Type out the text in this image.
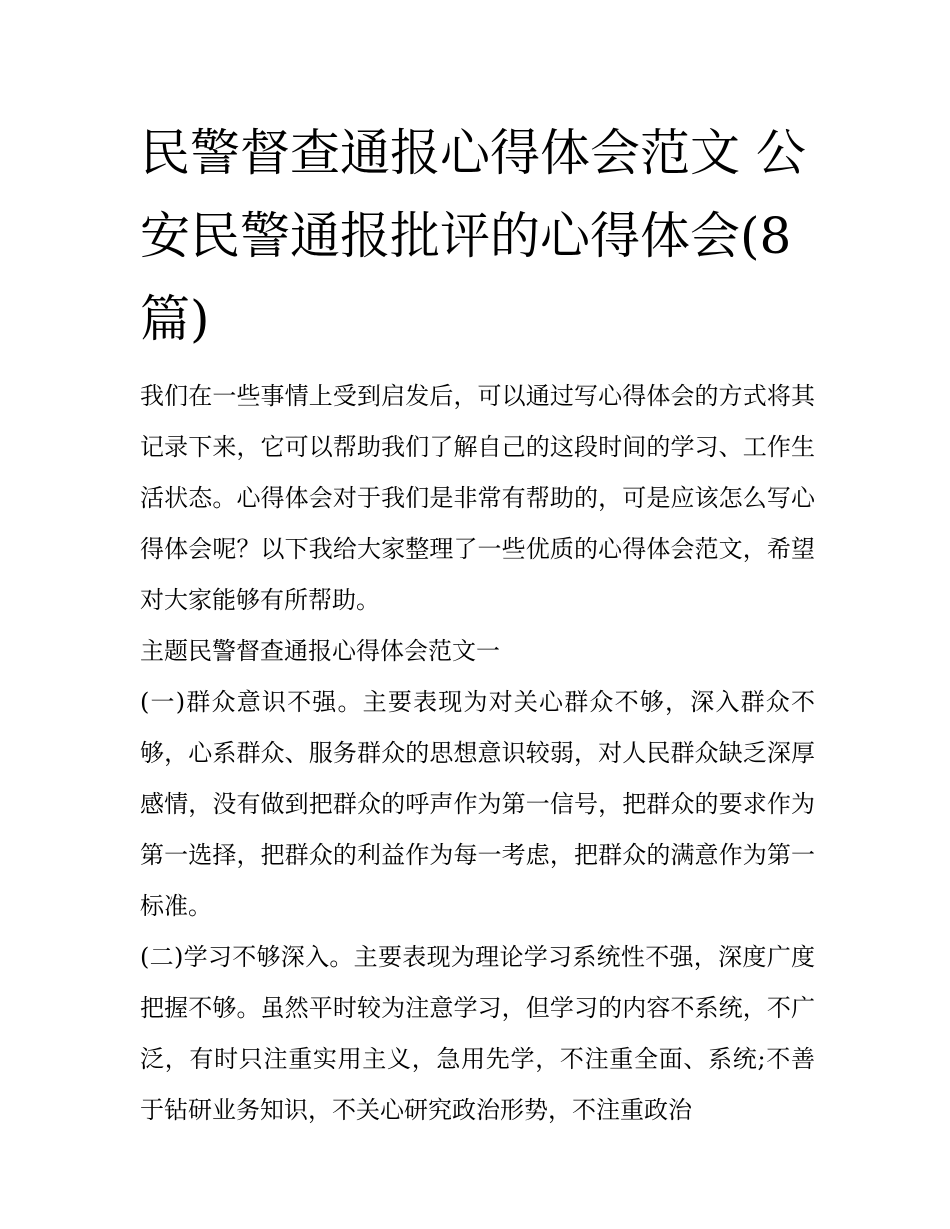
民警督查通报心得体会范文 公安民警通报批评的心得体会(8篇)

我们在一些事情上受到启发后，可以通过写心得体会的方式将其记录下来，它可以帮助我们了解自己的这段时间的学习、工作生活状态。心得体会对于我们是非常有帮助的，可是应该怎么写心得体会呢？以下我给大家整理了一些优质的心得体会范文，希望对大家能够有所帮助。

主题民警督查通报心得体会范文一

(一)群众意识不强。主要表现为对关心群众不够，深入群众不够，心系群众、服务群众的思想意识较弱，对人民群众缺乏深厚感情，没有做到把群众的呼声作为第一信号，把群众的要求作为第一选择，把群众的利益作为每一考虑，把群众的满意作为第一标准。

(二)学习不够深入。主要表现为理论学习系统性不强，深度广度把握不够。虽然平时较为注意学习，但学习的内容不系统，不广泛，有时只注重实用主义，急用先学，不注重全面、系统;不善于钻研业务知识，不关心研究政治形势，不注重政治
